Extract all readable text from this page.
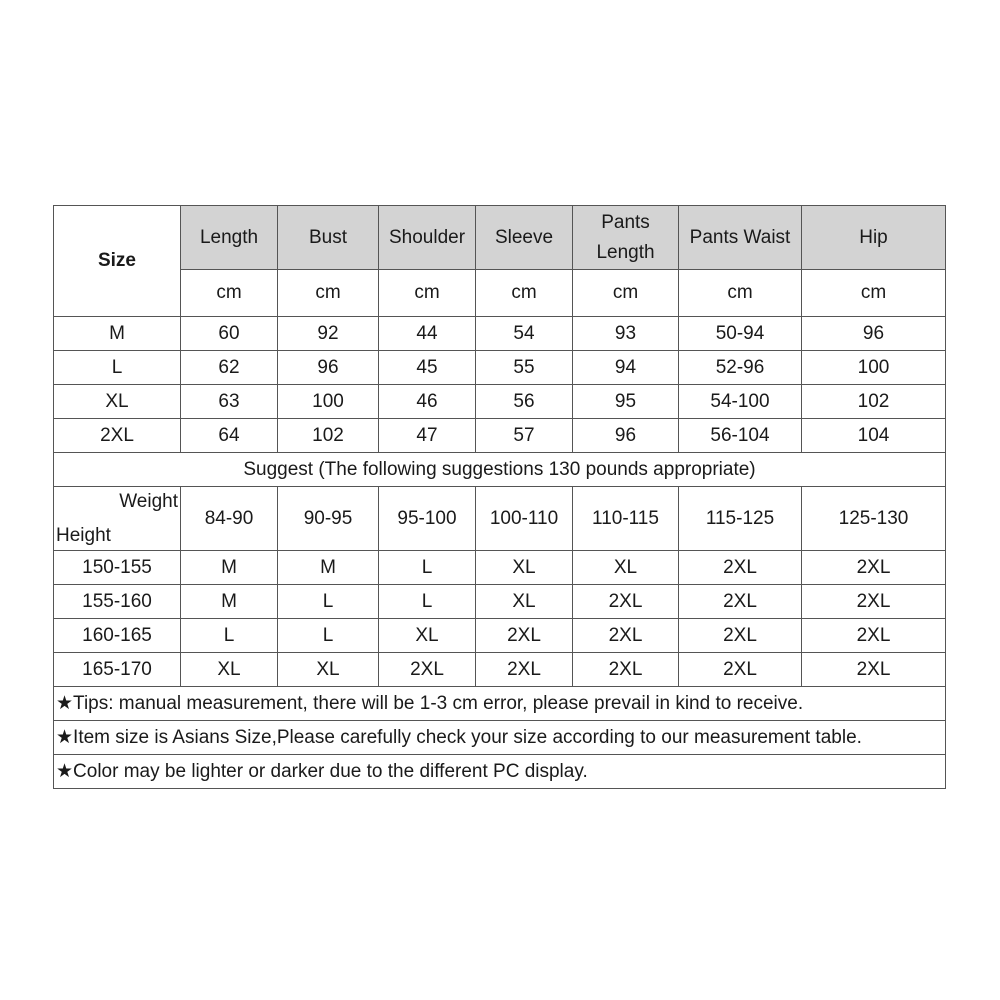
Size	Length	Bust	Shoulder	Sleeve	Pants Length	Pants Waist	Hip
	cm	cm	cm	cm	cm	cm	cm
M	60	92	44	54	93	50-94	96
L	62	96	45	55	94	52-96	100
XL	63	100	46	56	95	54-100	102
2XL	64	102	47	57	96	56-104	104
Suggest (The following suggestions 130 pounds appropriate)							

Weight
Height	84-90	90-95	95-100	100-110	110-115	115-125	125-130
150-155	M	M	L	XL	XL	2XL	2XL
155-160	M	L	L	XL	2XL	2XL	2XL
160-165	L	L	XL	2XL	2XL	2XL	2XL
165-170	XL	XL	2XL	2XL	2XL	2XL	2XL
★Tips: manual measurement, there will be 1-3 cm error, please prevail in kind to receive.							
★Item size is Asians Size,Please carefully check your size according to our measurement table.							
★Color may be lighter or darker due to the different PC display.							
